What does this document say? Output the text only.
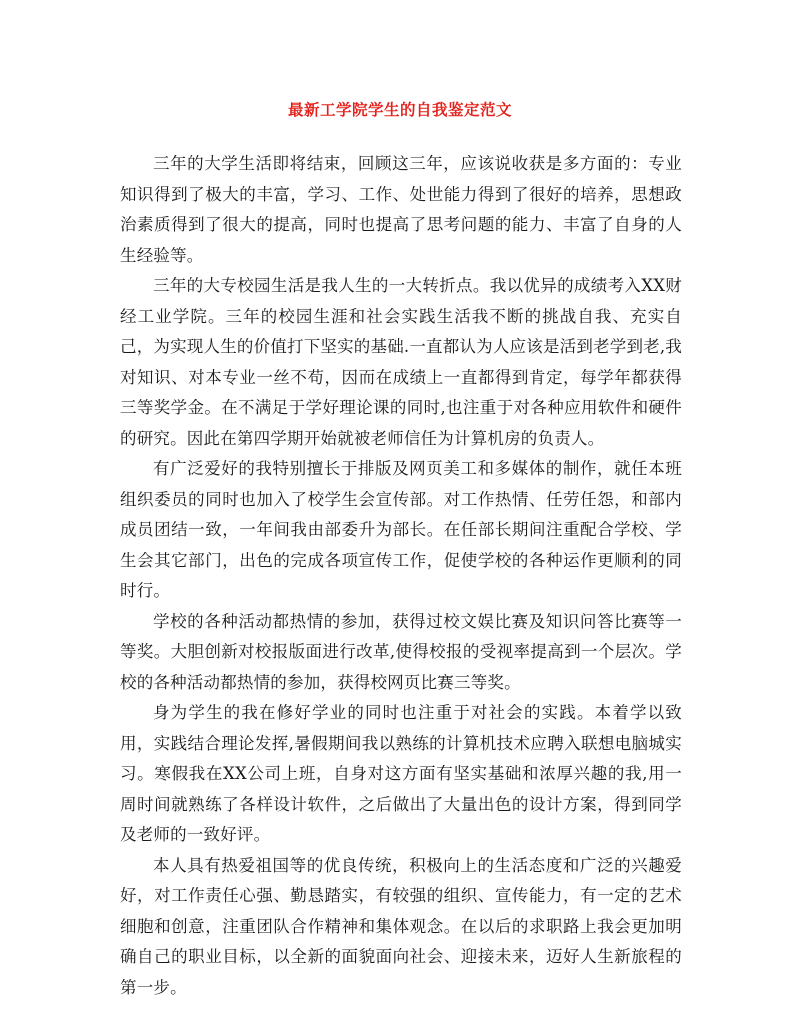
最新工学院学生的自我鉴定范文

三年的大学生活即将结束，回顾这三年，应该说收获是多方面的：专业知识得到了极大的丰富，学习、工作、处世能力得到了很好的培养，思想政治素质得到了很大的提高，同时也提高了思考问题的能力、丰富了自身的人生经验等。

三年的大专校园生活是我人生的一大转折点。我以优异的成绩考入XX财经工业学院。三年的校园生涯和社会实践生活我不断的挑战自我、充实自己，为实现人生的价值打下坚实的基础.一直都认为人应该是活到老学到老,我对知识、对本专业一丝不苟，因而在成绩上一直都得到肯定，每学年都获得三等奖学金。在不满足于学好理论课的同时,也注重于对各种应用软件和硬件的研究。因此在第四学期开始就被老师信任为计算机房的负责人。

有广泛爱好的我特别擅长于排版及网页美工和多媒体的制作，就任本班组织委员的同时也加入了校学生会宣传部。对工作热情、任劳任怨，和部内成员团结一致，一年间我由部委升为部长。在任部长期间注重配合学校、学生会其它部门，出色的完成各项宣传工作，促使学校的各种运作更顺利的同时行。

学校的各种活动都热情的参加，获得过校文娱比赛及知识问答比赛等一等奖。大胆创新对校报版面进行改革,使得校报的受视率提高到一个层次。学校的各种活动都热情的参加，获得校网页比赛三等奖。

身为学生的我在修好学业的同时也注重于对社会的实践。本着学以致用，实践结合理论发挥,暑假期间我以熟练的计算机技术应聘入联想电脑城实习。寒假我在XX公司上班，自身对这方面有坚实基础和浓厚兴趣的我,用一周时间就熟练了各样设计软件，之后做出了大量出色的设计方案，得到同学及老师的一致好评。

本人具有热爱祖国等的优良传统，积极向上的生活态度和广泛的兴趣爱好，对工作责任心强、勤恳踏实，有较强的组织、宣传能力，有一定的艺术细胞和创意，注重团队合作精神和集体观念。在以后的求职路上我会更加明确自己的职业目标，以全新的面貌面向社会、迎接未来，迈好人生新旅程的第一步。
